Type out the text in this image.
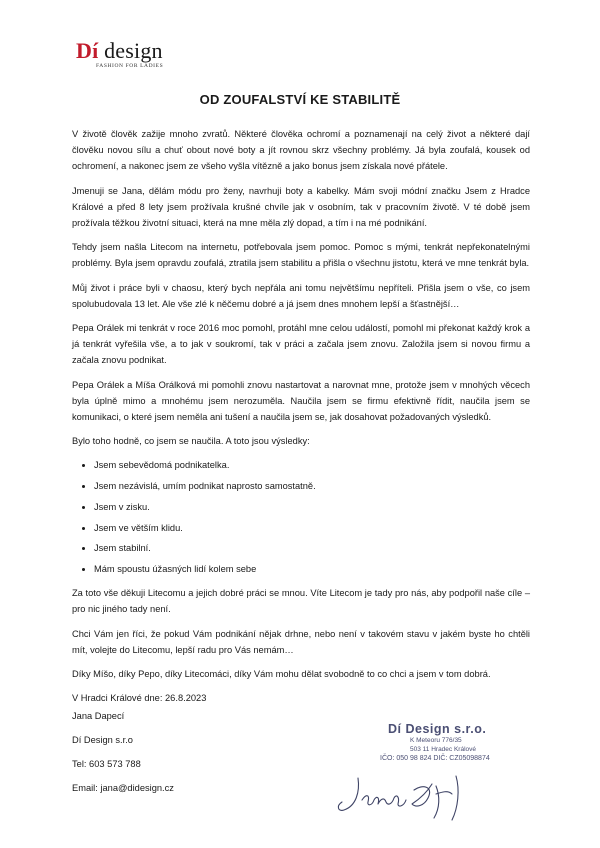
Dí design
FASHION FOR LADIES
OD ZOUFALSTVÍ KE STABILITĚ

V životě člověk zažije mnoho zvratů. Některé člověka ochromí a poznamenají na celý život a některé dají člověku novou sílu a chuť obout nové boty a jít rovnou skrz všechny problémy. Já byla zoufalá, kousek od ochromení, a nakonec jsem ze všeho vyšla vítězně a jako bonus jsem získala nové přátele.

Jmenuji se Jana, dělám módu pro ženy, navrhuji boty a kabelky. Mám svoji módní značku Jsem z Hradce Králové a před 8 lety jsem prožívala krušné chvíle jak v osobním, tak v pracovním životě. V té době jsem prožívala těžkou životní situaci, která na mne měla zlý dopad, a tím i na mé podnikání.

Tehdy jsem našla Litecom na internetu, potřebovala jsem pomoc. Pomoc s mými, tenkrát nepřekonatelnými problémy. Byla jsem opravdu zoufalá, ztratila jsem stabilitu a přišla o všechnu jistotu, která ve mne tenkrát byla.

Můj život i práce byli v chaosu, který bych nepřála ani tomu největšímu nepříteli. Přišla jsem o vše, co jsem spolubudovala 13 let. Ale vše zlé k něčemu dobré a já jsem dnes mnohem lepší a šťastnější…

Pepa Orálek mi tenkrát v roce 2016 moc pomohl, protáhl mne celou událostí, pomohl mi překonat každý krok a já tenkrát vyřešila vše, a to jak v soukromí, tak v práci a začala jsem znovu. Založila jsem si novou firmu a začala znovu podnikat.

Pepa Orálek a Míša Orálková mi pomohli znovu nastartovat a narovnat mne, protože jsem v mnohých věcech byla úplně mimo a mnohému jsem nerozuměla. Naučila jsem se firmu efektivně řídit, naučila jsem se komunikaci, o které jsem neměla ani tušení a naučila jsem se, jak dosahovat požadovaných výsledků.

Bylo toho hodně, co jsem se naučila. A toto jsou výsledky:

• Jsem sebevědomá podnikatelka.
• Jsem nezávislá, umím podnikat naprosto samostatně.
• Jsem v zisku.
• Jsem ve větším klidu.
• Jsem stabilní.
• Mám spoustu úžasných lidí kolem sebe

Za toto vše děkuji Litecomu a jejich dobré práci se mnou. Víte Litecom je tady pro nás, aby podpořil naše cíle – pro nic jiného tady není.

Chci Vám jen říci, že pokud Vám podnikání nějak drhne, nebo není v takovém stavu v jakém byste ho chtěli mít, volejte do Litecomu, lepší radu pro Vás nemám…

Díky Míšo, díky Pepo, díky Litecomáci, díky Vám mohu dělat svobodně to co chci a jsem v tom dobrá.

V Hradci Králové dne: 26.8.2023

Jana Dapecí
Dí Design s.r.o
Tel: 603 573 788
Email: jana@didesign.cz
Dí Design s.r.o.
K Meteoru 776/35
503 11 Hradec Králové
IČO: 050 98 824 DIČ: CZ05098874
